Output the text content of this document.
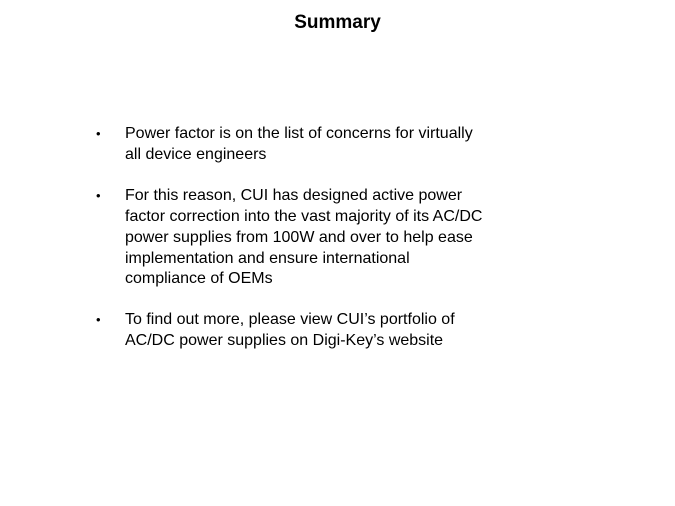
Summary
•	Power factor is on the list of concerns for virtually
all device engineers
•	For this reason, CUI has designed active power
factor correction into the vast majority of its AC/DC
power supplies from 100W and over to help ease
implementation and ensure international
compliance of OEMs
•	To find out more, please view CUI’s portfolio of
AC/DC power supplies on Digi-Key’s website
